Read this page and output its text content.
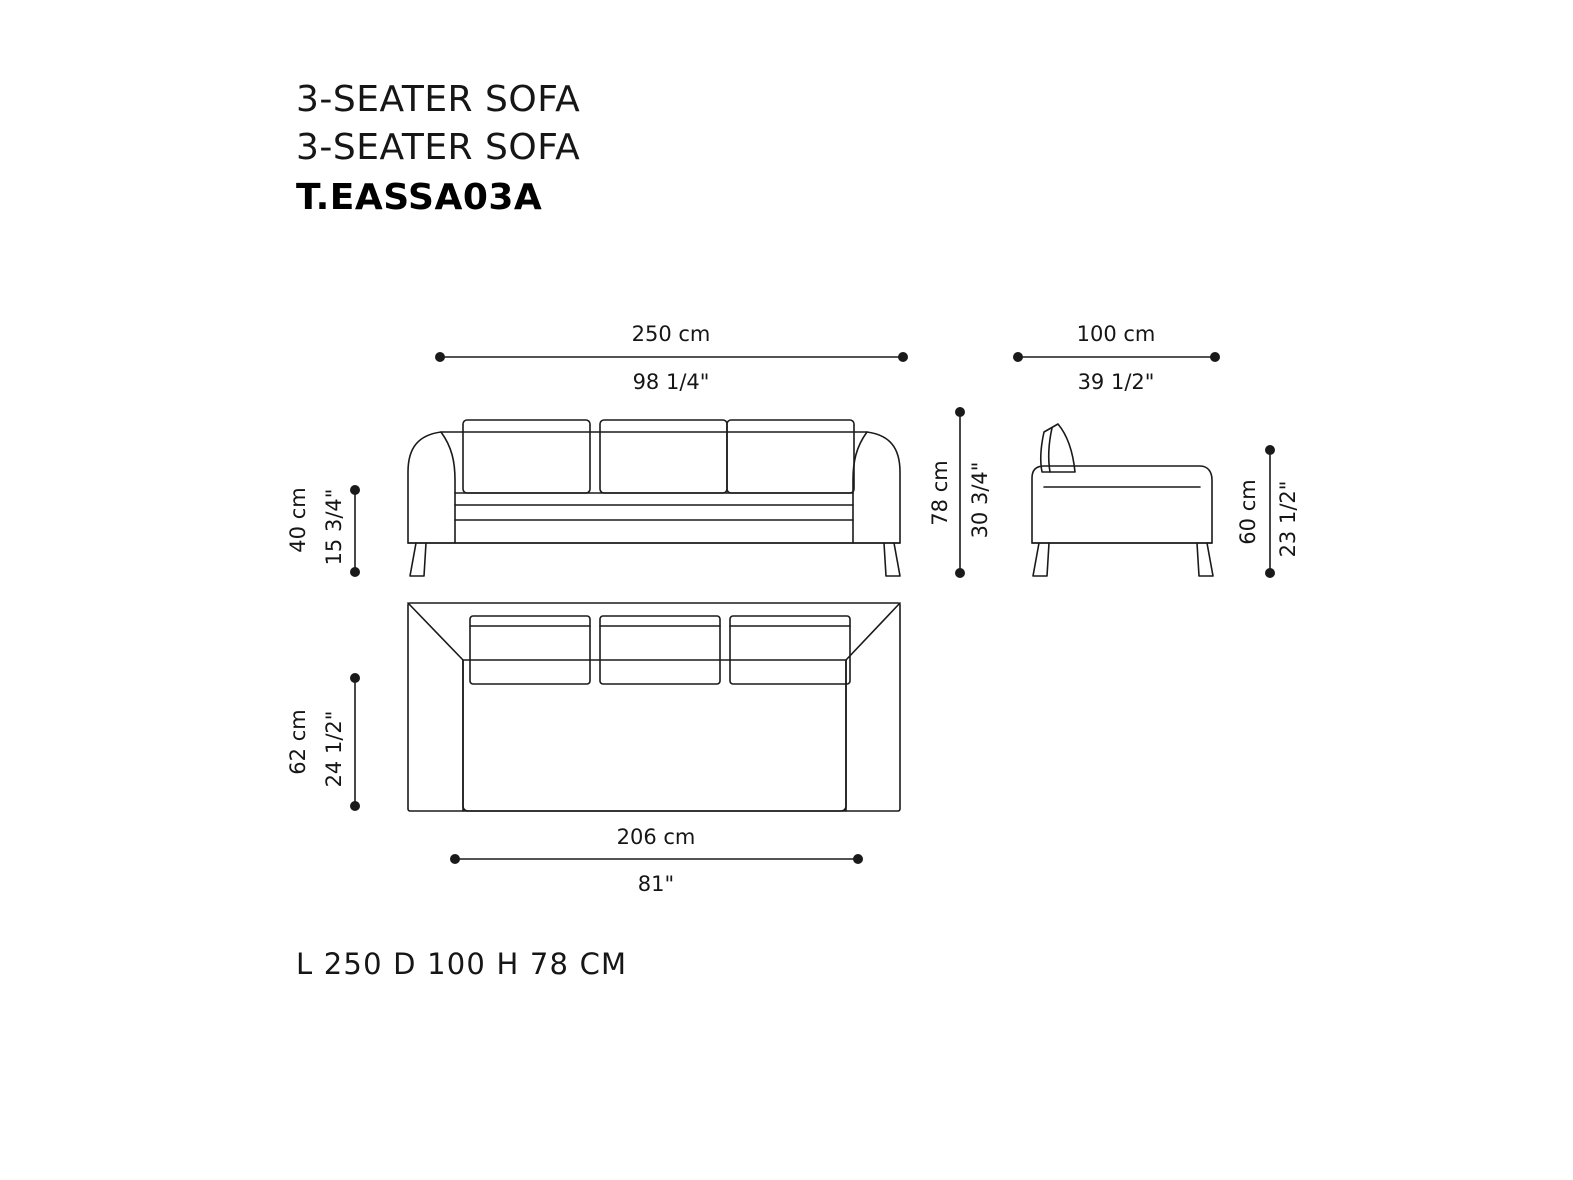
3-SEATER SOFA
3-SEATER SOFA
T.EASSA03A
250 cm
98 1/4"
40 cm 15 3/4"	78 cm 30 3/4"
100 cm
39 1/2"
60 cm 23 1/2"
62 cm 24 1/2"
206 cm
81"
L 250 D 100 H 78 CM
